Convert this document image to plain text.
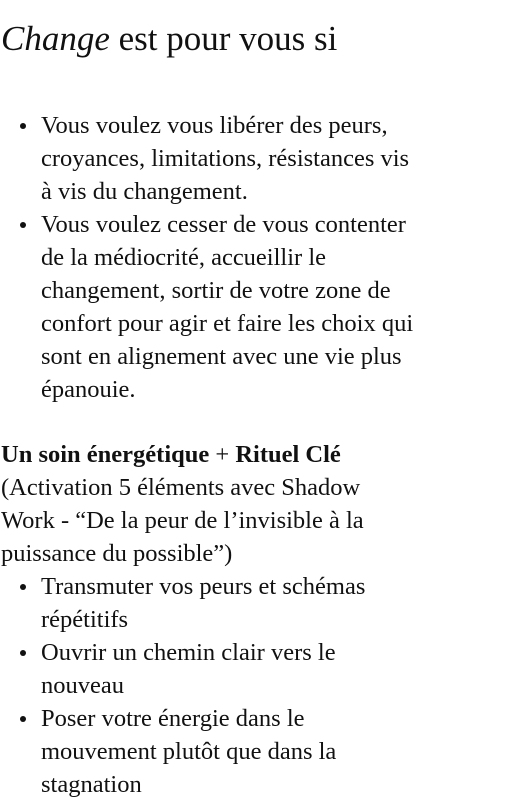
Change est pour vous si
Vous voulez vous libérer des peurs,
croyances, limitations, résistances vis
à vis du changement.
Vous voulez cesser de vous contenter
de la médiocrité, accueillir le
changement, sortir de votre zone de
confort pour agir et faire les choix qui
sont en alignement avec une vie plus
épanouie.

Un soin énergétique + Rituel Clé
(Activation 5 éléments avec Shadow
Work - “De la peur de l’invisible à la
puissance du possible”)

Transmuter vos peurs et schémas
répétitifs
Ouvrir un chemin clair vers le
nouveau
Poser votre énergie dans le
mouvement plutôt que dans la
stagnation
